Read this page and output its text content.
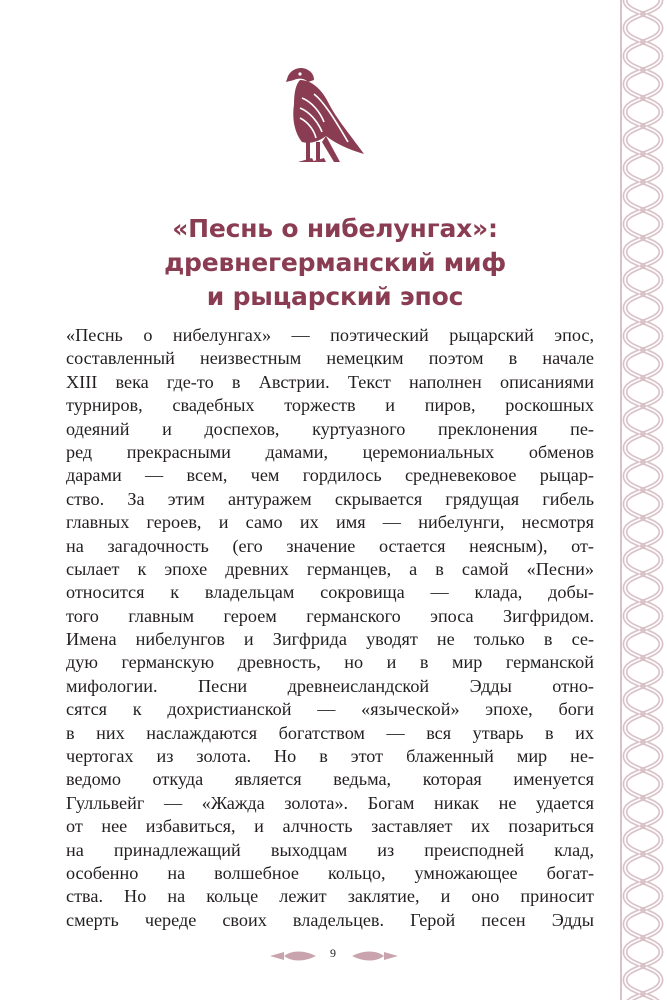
«Песнь о нибелунгах»:
древнегерманский миф
и рыцарский эпос
«Песнь о нибелунгах» — поэтический рыцарский эпос,
составленный неизвестным немецким поэтом в начале
XIII века где-то в Австрии. Текст наполнен описаниями
турниров, свадебных торжеств и пиров, роскошных
одеяний и доспехов, куртуазного преклонения пе-
ред прекрасными дамами, церемониальных обменов
дарами — всем, чем гордилось средневековое рыцар-
ство. За этим антуражем скрывается грядущая гибель
главных героев, и само их имя — нибелунги, несмотря
на загадочность (его значение остается неясным), от-
сылает к эпохе древних германцев, а в самой «Песни»
относится к владельцам сокровища — клада, добы-
того главным героем германского эпоса Зигфридом.
Имена нибелунгов и Зигфрида уводят не только в се-
дую германскую древность, но и в мир германской
мифологии. Песни древнеисландской Эдды отно-
сятся к дохристианской — «языческой» эпохе, боги
в них наслаждаются богатством — вся утварь в их
чертогах из золота. Но в этот блаженный мир не-
ведомо откуда является ведьма, которая именуется
Гулльвейг — «Жажда золота». Богам никак не удается
от нее избавиться, и алчность заставляет их позариться
на принадлежащий выходцам из преисподней клад,
особенно на волшебное кольцо, умножающее богат-
ства. Но на кольце лежит заклятие, и оно приносит
смерть череде своих владельцев. Герой песен Эдды
9
